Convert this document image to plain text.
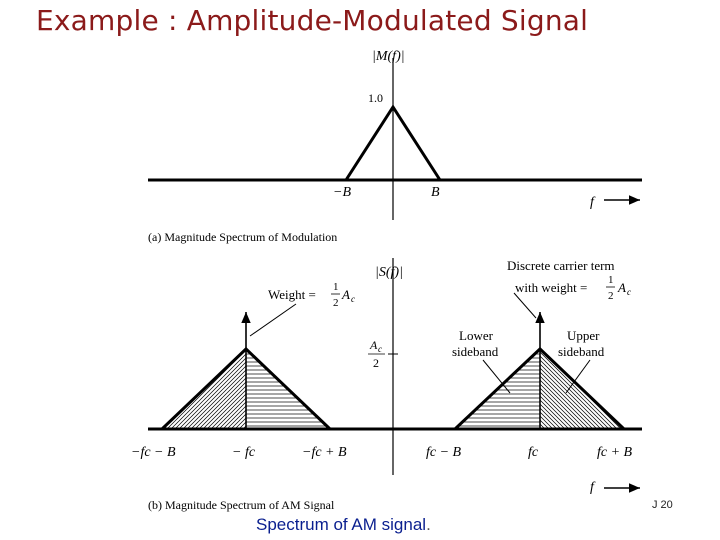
Example : Amplitude-Modulated Signal
|M(f)|
1.0
−B	B
f
(a) Magnitude Spectrum of Modulation
|S(f)|
Weight = 1
2
A c
Discrete carrier term
with weight = 1
2
A c
Lower
sideband
Upper
sideband
A c
2
−fc − B	− fc	−fc + B	fc − B	fc	fc + B
f
(b) Magnitude Spectrum of AM Signal	J 20
Spectrum of AM signal.
